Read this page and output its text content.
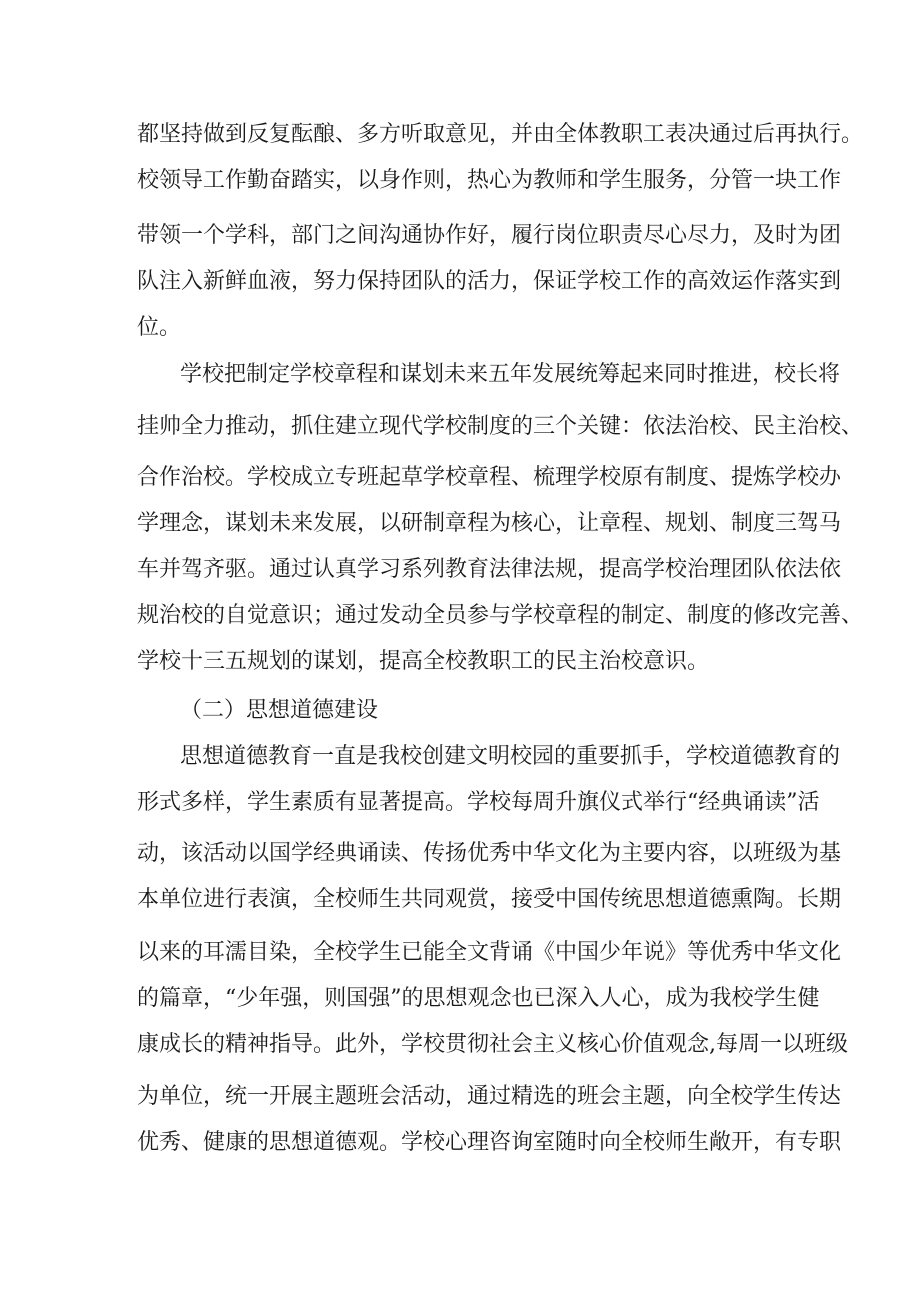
都坚持做到反复酝酿、多方听取意见，并由全体教职工表决通过后再执行。
校领导工作勤奋踏实，以身作则，热心为教师和学生服务，分管一块工作
带领一个学科，部门之间沟通协作好，履行岗位职责尽心尽力，及时为团
队注入新鲜血液，努力保持团队的活力，保证学校工作的高效运作落实到
位。
学校把制定学校章程和谋划未来五年发展统筹起来同时推进，校长将
挂帅全力推动，抓住建立现代学校制度的三个关键：依法治校、民主治校、
合作治校。学校成立专班起草学校章程、梳理学校原有制度、提炼学校办
学理念，谋划未来发展，以研制章程为核心，让章程、规划、制度三驾马
车并驾齐驱。通过认真学习系列教育法律法规，提高学校治理团队依法依
规治校的自觉意识；通过发动全员参与学校章程的制定、制度的修改完善、
学校十三五规划的谋划，提高全校教职工的民主治校意识。
（二）思想道德建设
思想道德教育一直是我校创建文明校园的重要抓手，学校道德教育的
形式多样，学生素质有显著提高。学校每周升旗仪式举行“经典诵读”活
动，该活动以国学经典诵读、传扬优秀中华文化为主要内容，以班级为基
本单位进行表演，全校师生共同观赏，接受中国传统思想道德熏陶。长期
以来的耳濡目染，全校学生已能全文背诵《中国少年说》等优秀中华文化
的篇章，“少年强，则国强”的思想观念也已深入人心，成为我校学生健
康成长的精神指导。此外，学校贯彻社会主义核心价值观念,每周一以班级
为单位，统一开展主题班会活动，通过精选的班会主题，向全校学生传达
优秀、健康的思想道德观。学校心理咨询室随时向全校师生敞开，有专职
